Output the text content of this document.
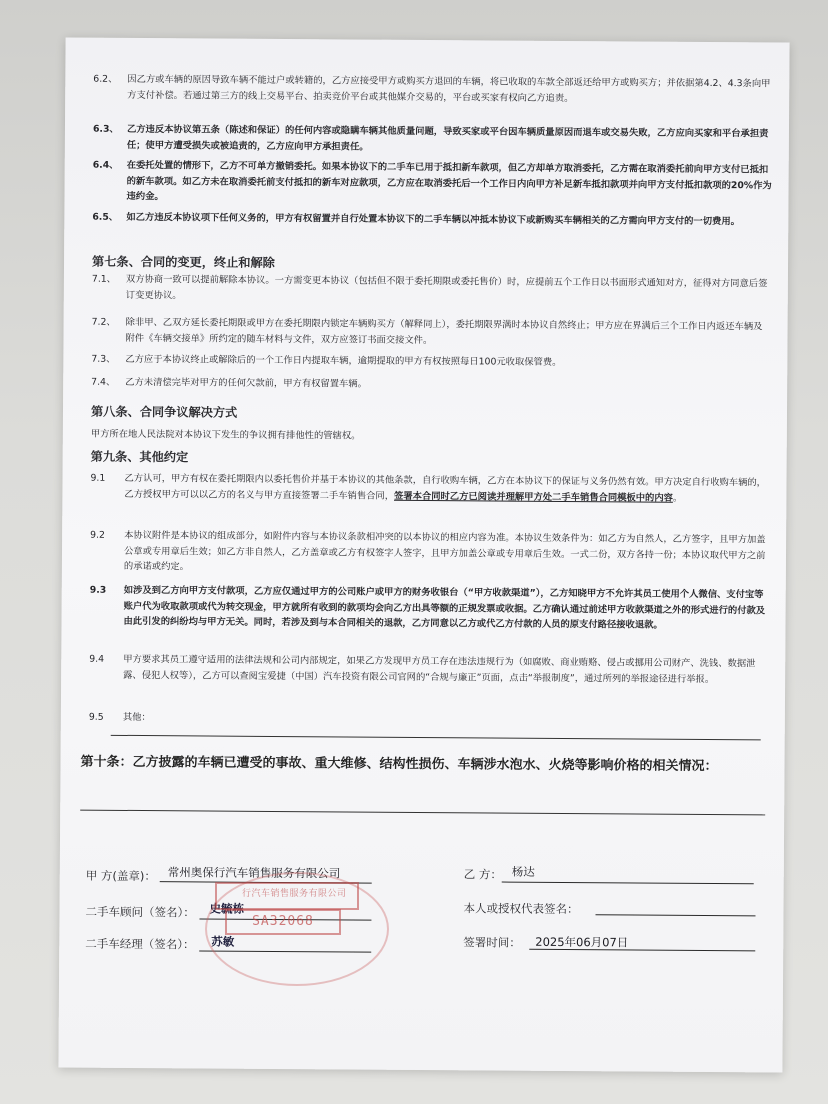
6.2、	因乙方或车辆的原因导致车辆不能过户或转籍的，乙方应接受甲方或购买方退回的车辆，将已收取的车款全部返还给甲方或购买方；并依据第4.2、4.3条向甲方支付补偿。若通过第三方的线上交易平台、拍卖竞价平台或其他媒介交易的，平台或买家有权向乙方追责。
6.3、 乙方违反本协议第五条（陈述和保证）的任何内容或隐瞒车辆其他质量问题，导致买家或平台因车辆质量原因而退车或交易失败，乙方应向买家和平台承担责任；使甲方遭受损失或被追责的，乙方应向甲方承担责任。
6.4、 在委托处置的情形下，乙方不可单方撤销委托。如果本协议下的二手车已用于抵扣新车款项，但乙方却单方取消委托，乙方需在取消委托前向甲方支付已抵扣的新车款项。如乙方未在取消委托前支付抵扣的新车对应款项，乙方应在取消委托后一个工作日内向甲方补足新车抵扣款项并向甲方支付抵扣款项的20%作为违约金。
6.5、 如乙方违反本协议项下任何义务的，甲方有权留置并自行处置本协议下的二手车辆以冲抵本协议下或新购买车辆相关的乙方需向甲方支付的一切费用。
第七条、合同的变更，终止和解除
7.1、	双方协商一致可以提前解除本协议。一方需变更本协议（包括但不限于委托期限或委托售价）时，应提前五个工作日以书面形式通知对方，征得对方同意后签订变更协议。
7.2、	除非甲、乙双方延长委托期限或甲方在委托期限内锁定车辆购买方（解释同上），委托期限界满时本协议自然终止；甲方应在界满后三个工作日内返还车辆及附件《车辆交接单》所约定的随车材料与文件，双方应签订书面交接文件。
7.3、	乙方应于本协议终止或解除后的一个工作日内提取车辆，逾期提取的甲方有权按照每日100元收取保管费。
7.4、	乙方未清偿完毕对甲方的任何欠款前，甲方有权留置车辆。
第八条、合同争议解决方式
甲方所在地人民法院对本协议下发生的争议拥有排他性的管辖权。
第九条、其他约定
9.1	乙方认可，甲方有权在委托期限内以委托售价并基于本协议的其他条款，自行收购车辆，乙方在本协议下的保证与义务仍然有效。甲方决定自行收购车辆的，乙方授权甲方可以以乙方的名义与甲方直接签署二手车销售合同，签署本合同时乙方已阅读并理解甲方处二手车销售合同模板中的内容。
9.2	本协议附件是本协议的组成部分，如附件内容与本协议条款相冲突的以本协议的相应内容为准。本协议生效条件为：如乙方为自然人，乙方签字，且甲方加盖公章或专用章后生效；如乙方非自然人，乙方盖章或乙方有权签字人签字，且甲方加盖公章或专用章后生效。一式二份，双方各持一份；本协议取代甲方之前的承诺或约定。
9.3	如涉及到乙方向甲方支付款项，乙方应仅通过甲方的公司账户或甲方的财务收银台（“甲方收款渠道”），乙方知晓甲方不允许其员工使用个人微信、支付宝等账户代为收取款项或代为转交现金，甲方就所有收到的款项均会向乙方出具等额的正规发票或收据。乙方确认通过前述甲方收款渠道之外的形式进行的付款及由此引发的纠纷均与甲方无关。同时，若涉及到与本合同相关的退款，乙方同意以乙方或代乙方付款的人员的原支付路径接收退款。
9.4	甲方要求其员工遵守适用的法律法规和公司内部规定，如果乙方发现甲方员工存在违法违规行为（如腐败、商业贿赂、侵占或挪用公司财产、洗钱、数据泄露、侵犯人权等），乙方可以查阅宝爱捷（中国）汽车投资有限公司官网的“合规与廉正”页面，点击“举报制度”，通过所列的举报途径进行举报。
9.5	其他：
第十条：乙方披露的车辆已遭受的事故、重大维修、结构性损伤、车辆涉水泡水、火烧等影响价格的相关情况：
甲 方(盖章)： 常州奥保行汽车销售服务有限公司
二手车顾问（签名）： 史毓栋
二手车经理（签名）： 苏敏
乙 方： 杨达
本人或授权代表签名：
签署时间： 2025年06月07日
行汽车销售服务有限公司
SA32068
